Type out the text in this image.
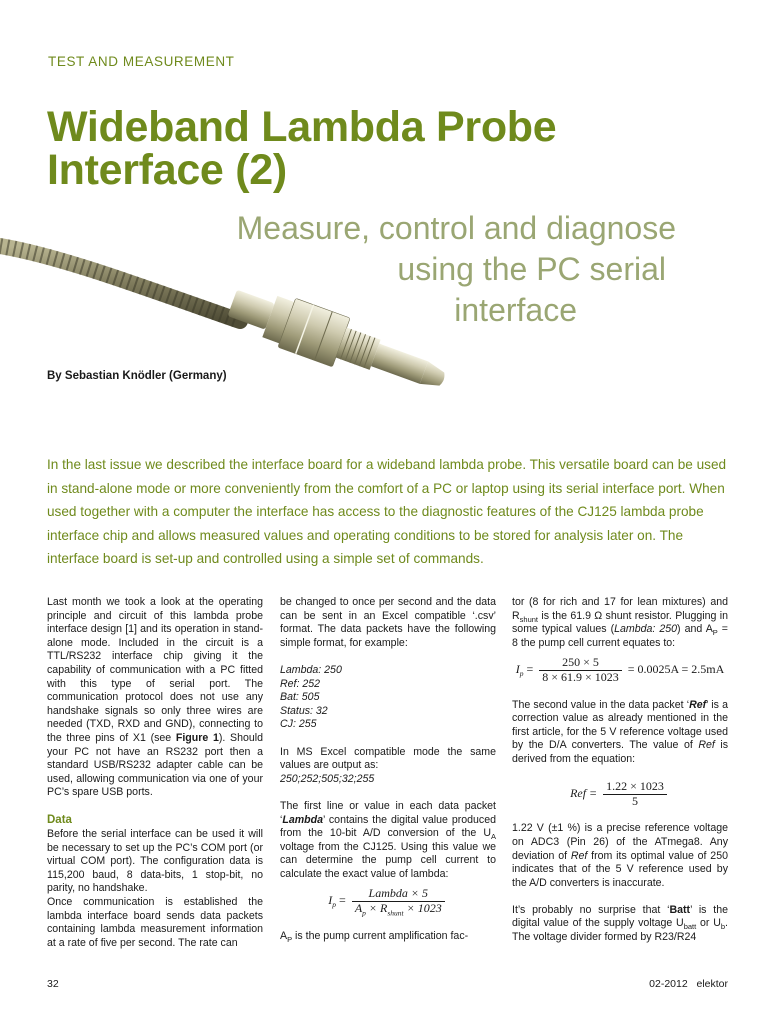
TEST AND MEASUREMENT
Wideband Lambda Probe
Interface (2)
Measure, control and diagnose
using the PC serial
interface
By Sebastian Knödler (Germany)

In the last issue we described the interface board for a wideband lambda probe. This versatile board can be used in stand-alone mode or more conveniently from the comfort of a PC or laptop using its serial interface port. When used together with a computer the interface has access to the diagnostic features of the CJ125 lambda probe interface chip and allows measured values and operating conditions to be stored for analysis later on. The interface board is set-up and controlled using a simple set of commands.

Last month we took a look at the operating principle and circuit of this lambda probe interface design [1] and its operation in stand-alone mode. Included in the circuit is a TTL/RS232 interface chip giving it the capability of communication with a PC fitted with this type of serial port. The communication protocol does not use any handshake signals so only three wires are needed (TXD, RXD and GND), connecting to the three pins of X1 (see Figure 1). Should your PC not have an RS232 port then a standard USB/RS232 adapter cable can be used, allowing communication via one of your PC’s spare USB ports.

Data

Before the serial interface can be used it will be necessary to set up the PC’s COM port (or virtual COM port). The configuration data is 115,200 baud, 8 data-bits, 1 stop-bit, no parity, no handshake.

Once communication is established the lambda interface board sends data packets containing lambda measurement information at a rate of five per second. The rate can

be changed to once per second and the data can be sent in an Excel compatible ‘.csv’ format. The data packets have the following simple format, for example:

Lambda: 250
Ref: 252
Bat: 505
Status: 32
CJ: 255

In MS Excel compatible mode the same values are output as:
250;252;505;32;255

The first line or value in each data packet ‘Lambda’ contains the digital value produced from the 10-bit A/D conversion of the $U_A$ voltage from the CJ125. Using this value we can determine the pump cell current to calculate the exact value of lambda:

$I_p = \frac{\text{Lambda × 5}}{A_p \times R_{shunt} \times 1023}$

$A_P$ is the pump current amplification fac-

tor (8 for rich and 17 for lean mixtures) and $R_{shunt}$ is the 61.9 Ω shunt resistor. Plugging in some typical values (Lambda: 250) and $A_P = 8$ the pump cell current equates to:

$I_p = \frac{250 \times 5}{8 \times 61.9 \times 1023} = 0.0025A = 2.5mA$

The second value in the data packet ‘Ref’ is a correction value as already mentioned in the first article, for the 5 V reference voltage used by the D/A converters. The value of Ref is derived from the equation:

Ref = $\frac{1.22 \times 1023}{5}$

1.22 V (±1 %) is a precise reference voltage on ADC3 (Pin 26) of the ATmega8. Any deviation of Ref from its optimal value of 250 indicates that of the 5 V reference used by the A/D converters is inaccurate.

It’s probably no surprise that ‘Batt’ is the digital value of the supply voltage $U_{batt}$ or $U_b$. The voltage divider formed by R23/R24

32	02-2012 elektor
